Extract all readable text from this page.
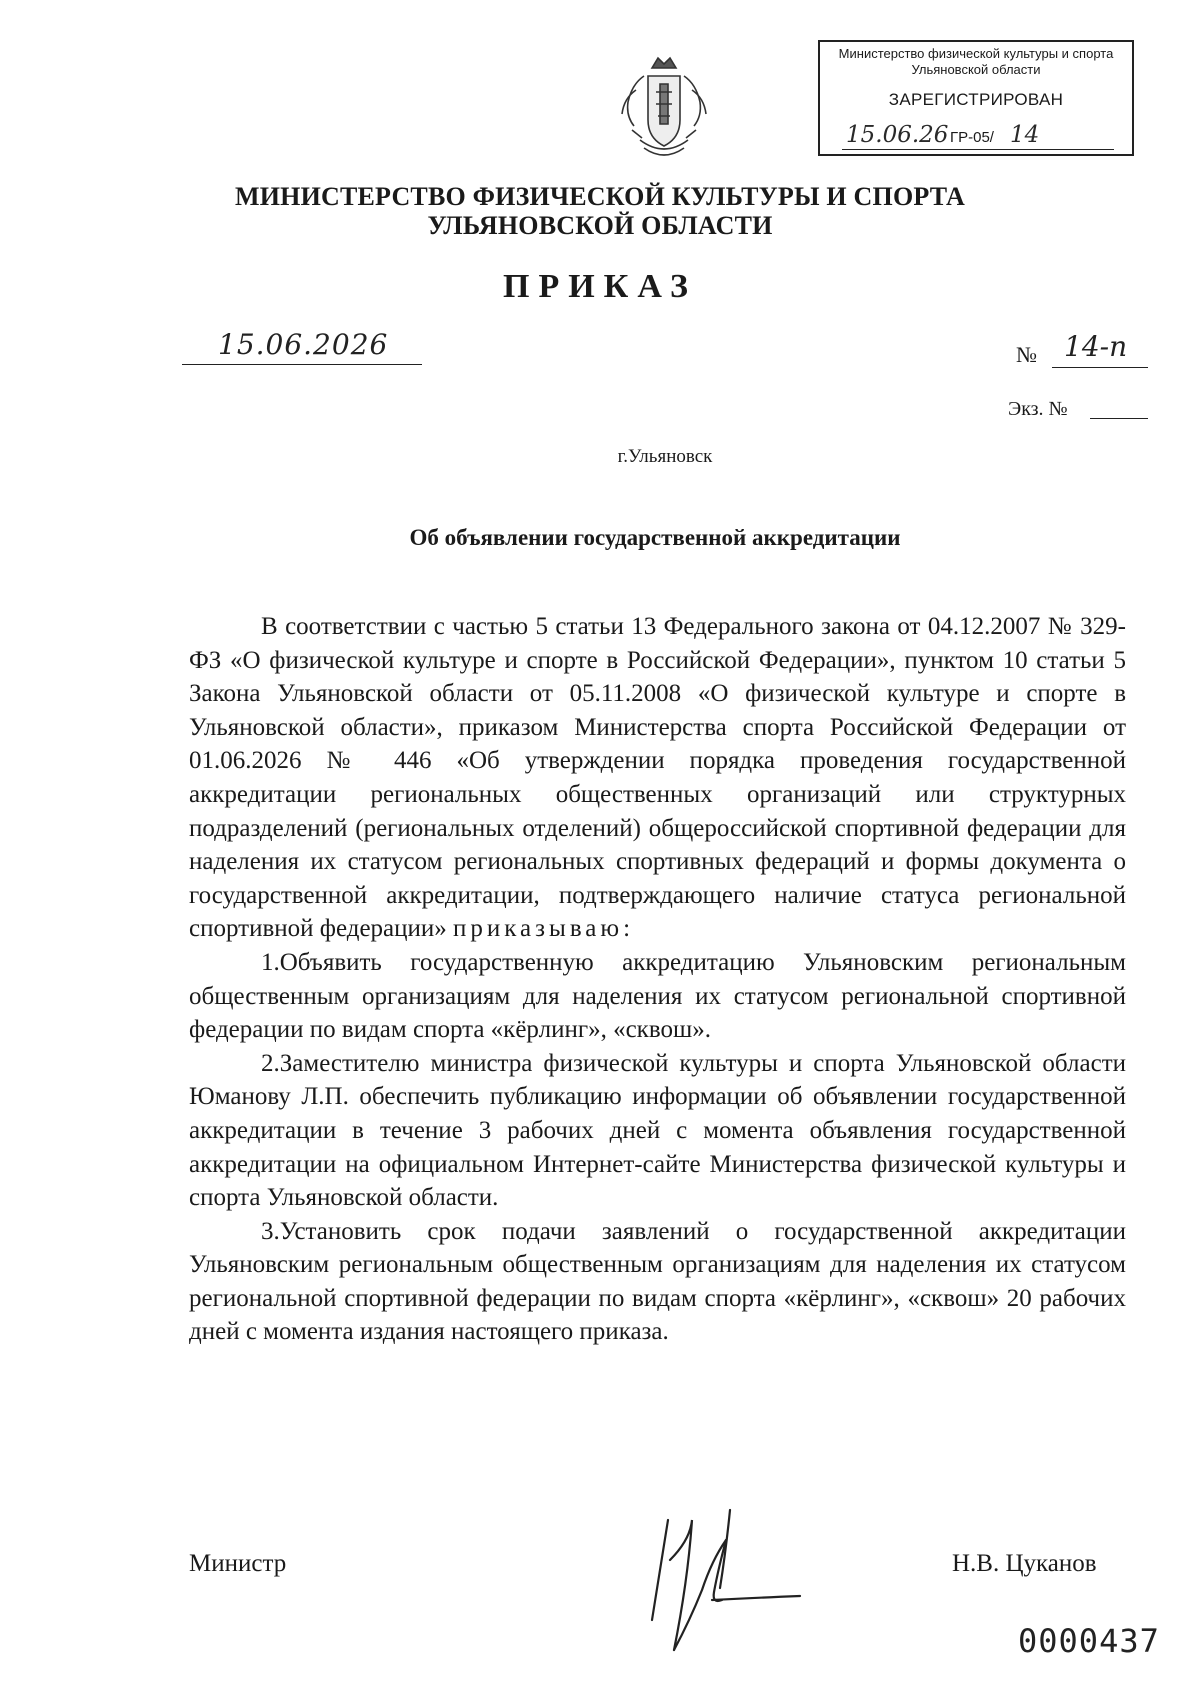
Министерство физической культуры и спорта
Ульяновской области
ЗАРЕГИСТРИРОВАН
15.06.26 ГР-05/ 14
МИНИСТЕРСТВО ФИЗИЧЕСКОЙ КУЛЬТУРЫ И СПОРТА
УЛЬЯНОВСКОЙ ОБЛАСТИ
ПРИКАЗ
15.06.2026	№ 14-п
Экз. №
г.Ульяновск
Об объявлении государственной аккредитации

В соответствии с частью 5 статьи 13 Федерального закона от 04.12.2007 № 329-ФЗ «О физической культуре и спорте в Российской Федерации», пунктом 10 статьи 5 Закона Ульяновской области от 05.11.2008 «О физической культуре и спорте в Ульяновской области», приказом Министерства спорта Российской Федерации от 01.06.2026 № 446 «Об утверждении порядка проведения государственной аккредитации региональных общественных организаций или структурных подразделений (региональных отделений) общероссийской спортивной федерации для наделения их статусом региональных спортивных федераций и формы документа о государственной аккредитации, подтверждающего наличие статуса региональной спортивной федерации» приказываю:

1.Объявить государственную аккредитацию Ульяновским региональным общественным организациям для наделения их статусом региональной спортивной федерации по видам спорта «кёрлинг», «сквош».

2.Заместителю министра физической культуры и спорта Ульяновской области Юманову Л.П. обеспечить публикацию информации об объявлении государственной аккредитации в течение 3 рабочих дней с момента объявления государственной аккредитации на официальном Интернет-сайте Министерства физической культуры и спорта Ульяновской области.

3.Установить срок подачи заявлений о государственной аккредитации Ульяновским региональным общественным организациям для наделения их статусом региональной спортивной федерации по видам спорта «кёрлинг», «сквош» 20 рабочих дней с момента издания настоящего приказа.

Министр	Н.В. Цуканов
0000437
